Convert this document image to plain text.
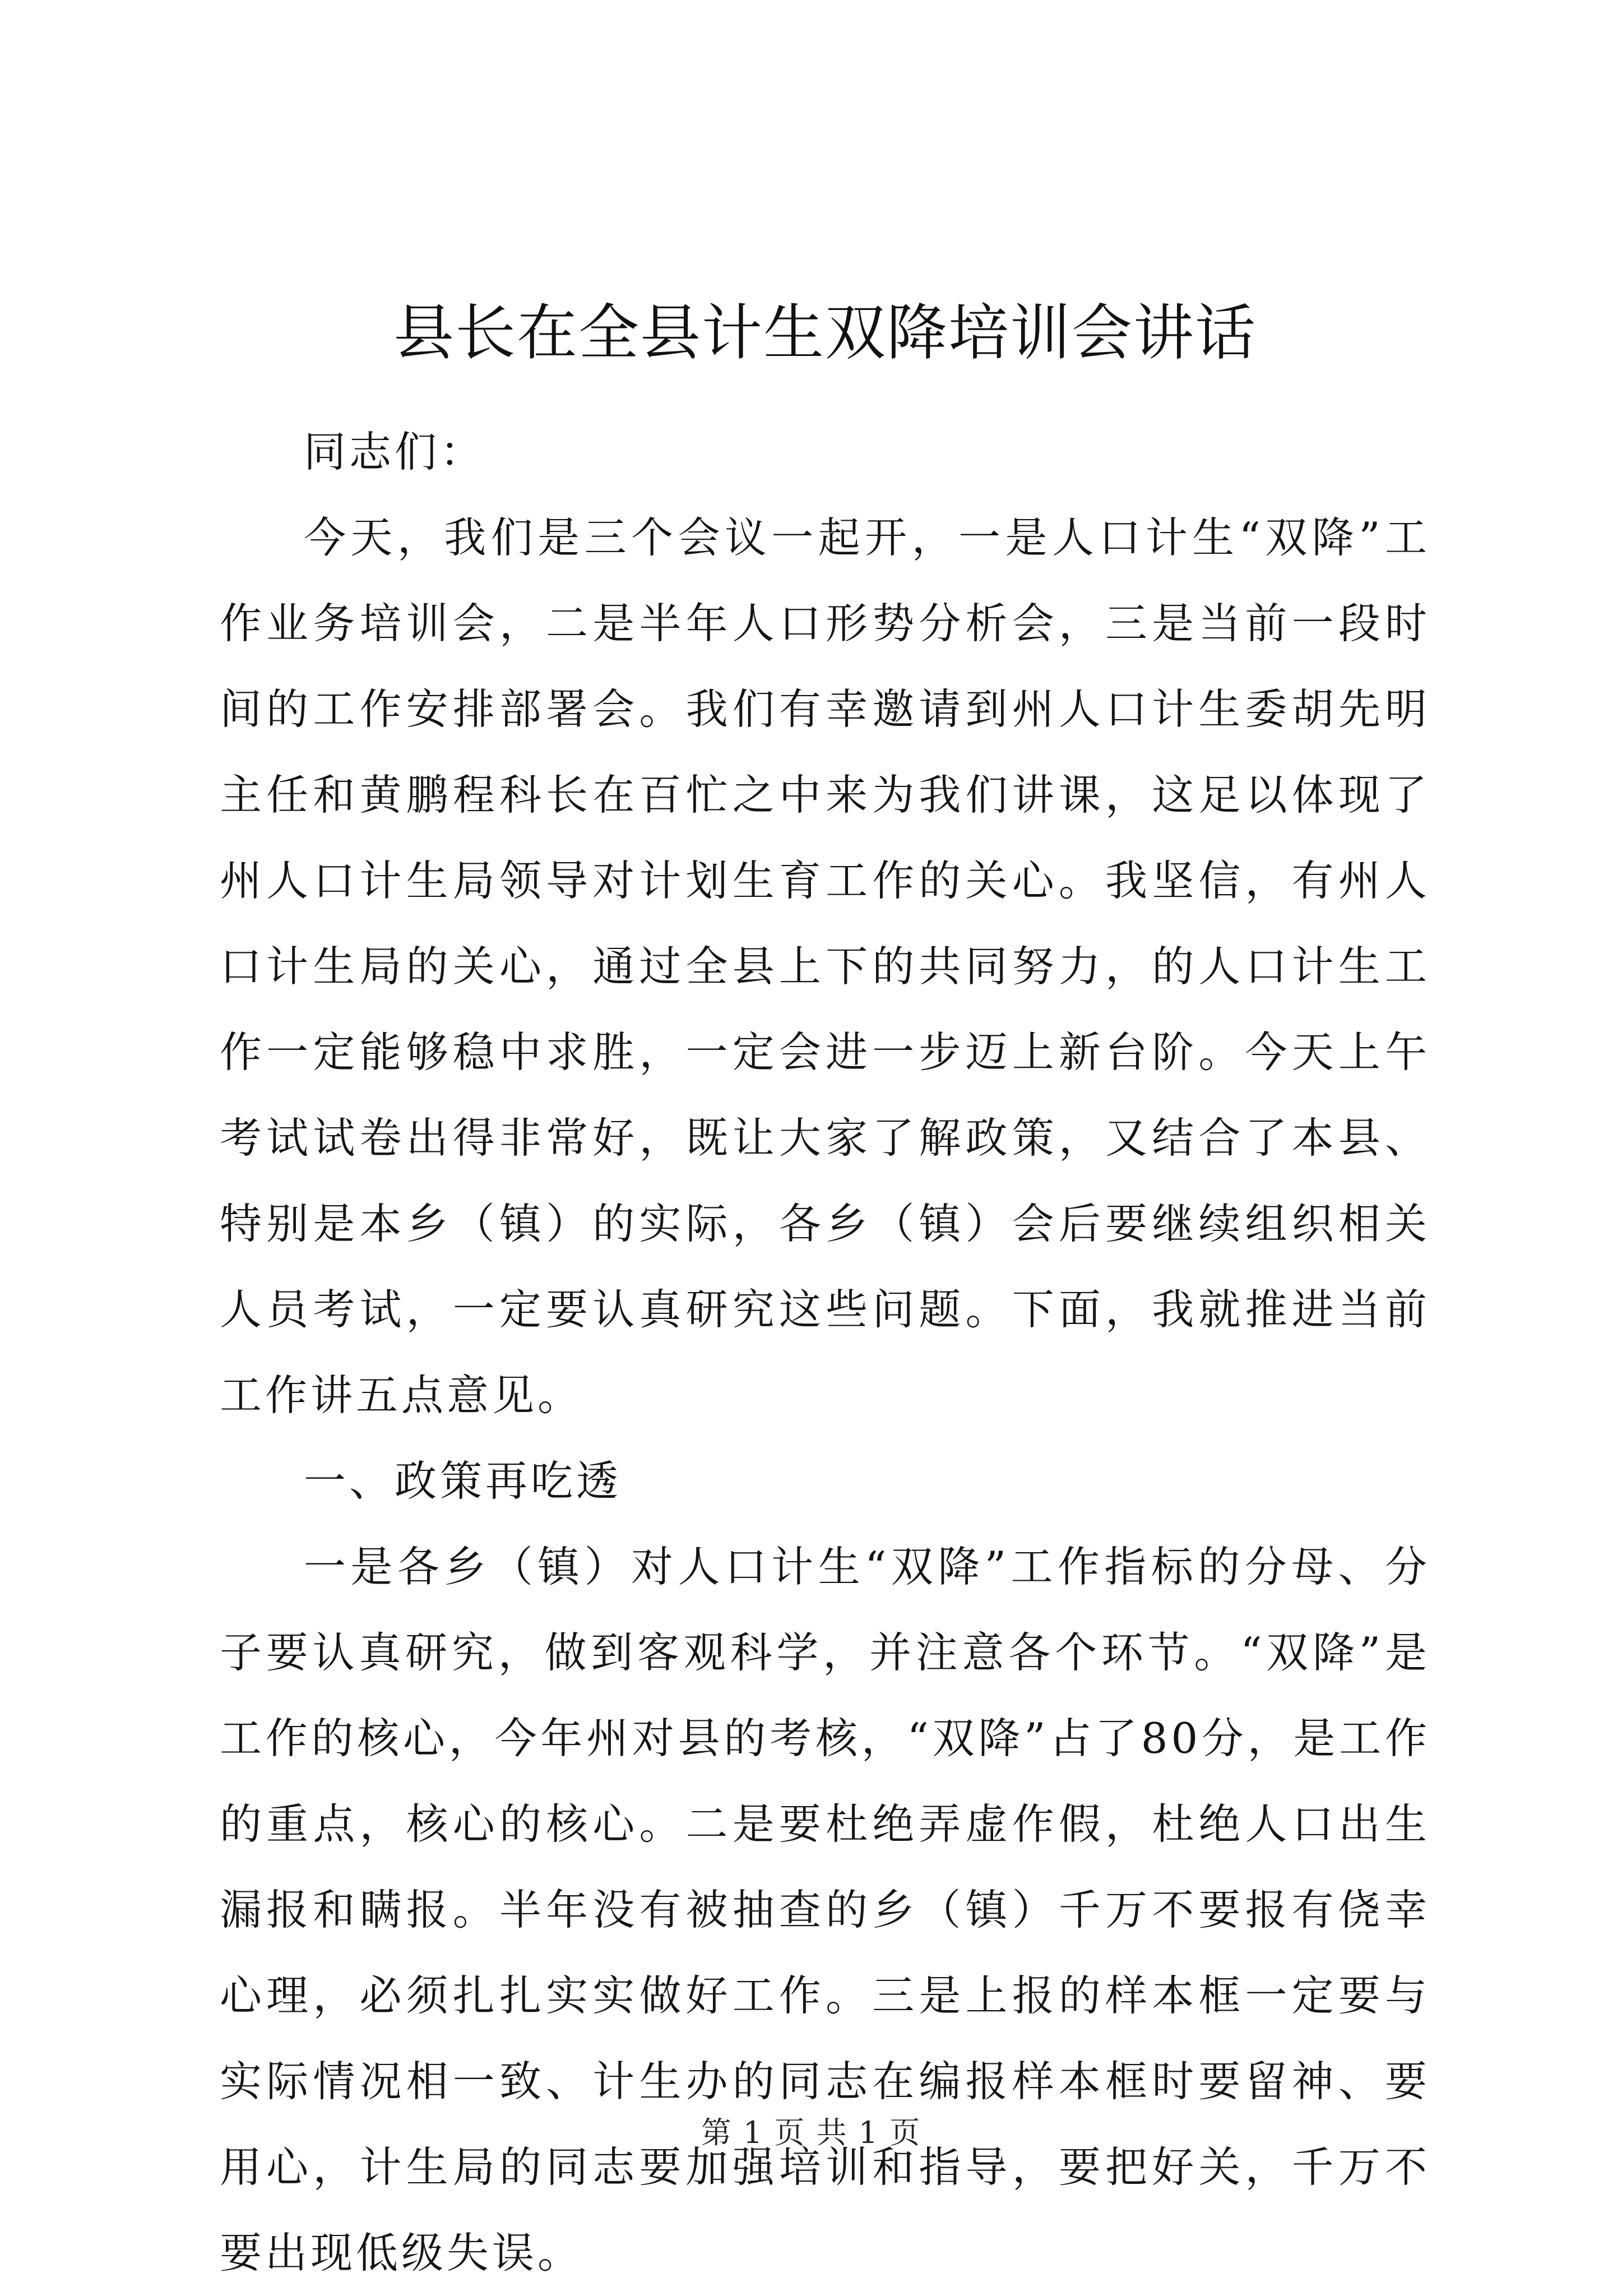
县长在全县计生双降培训会讲话

同志们：

今天，我们是三个会议一起开，一是人口计生“双降”工作业务培训会，二是半年人口形势分析会，三是当前一段时间的工作安排部署会。我们有幸邀请到州人口计生委胡先明主任和黄鹏程科长在百忙之中来为我们讲课，这足以体现了州人口计生局领导对计划生育工作的关心。我坚信，有州人口计生局的关心，通过全县上下的共同努力，的人口计生工作一定能够稳中求胜，一定会进一步迈上新台阶。今天上午考试试卷出得非常好，既让大家了解政策，又结合了本县、特别是本乡（镇）的实际，各乡（镇）会后要继续组织相关人员考试，一定要认真研究这些问题。下面，我就推进当前工作讲五点意见。

一、政策再吃透

一是各乡（镇）对人口计生“双降”工作指标的分母、分子要认真研究，做到客观科学，并注意各个环节。“双降”是工作的核心，今年州对县的考核，“双降”占了80分，是工作的重点，核心的核心。二是要杜绝弄虚作假，杜绝人口出生漏报和瞒报。半年没有被抽查的乡（镇）千万不要报有侥幸心理，必须扎扎实实做好工作。三是上报的样本框一定要与实际情况相一致、计生办的同志在编报样本框时要留神、要用心，计生局的同志要加强培训和指导，要把好关，千万不要出现低级失误。

第 1 页 共 1 页
